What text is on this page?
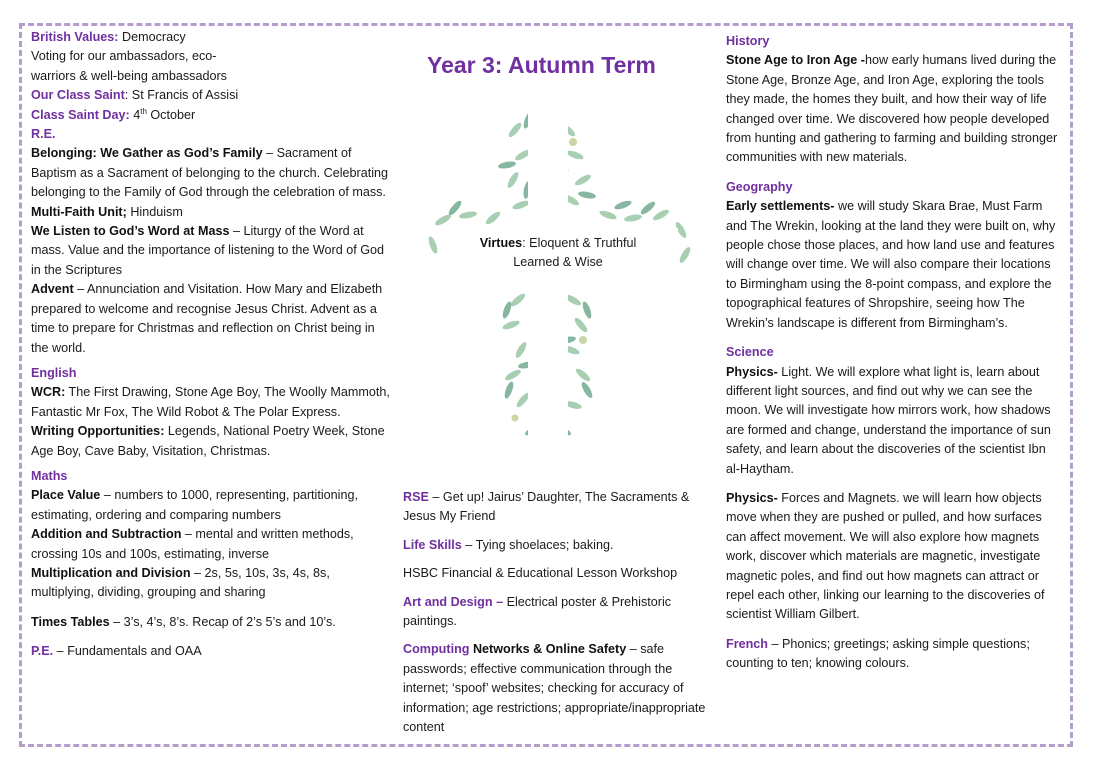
British Values: Democracy

Voting for our ambassadors, eco-warriors & well-being ambassadors

Our Class Saint: St Francis of Assisi

Class Saint Day: 4th October

R.E.

Belonging: We Gather as God’s Family – Sacrament of Baptism as a Sacrament of belonging to the church. Celebrating belonging to the Family of God through the celebration of mass.

Multi-Faith Unit; Hinduism

We Listen to God’s Word at Mass – Liturgy of the Word at mass. Value and the importance of listening to the Word of God in the Scriptures

Advent – Annunciation and Visitation. How Mary and Elizabeth prepared to welcome and recognise Jesus Christ. Advent as a time to prepare for Christmas and reflection on Christ being in the world.

English

WCR: The First Drawing, Stone Age Boy, The Woolly Mammoth, Fantastic Mr Fox, The Wild Robot & The Polar Express.

Writing Opportunities: Legends, National Poetry Week, Stone Age Boy, Cave Baby, Visitation, Christmas.

Maths

Place Value – numbers to 1000, representing, partitioning, estimating, ordering and comparing numbers

Addition and Subtraction – mental and written methods, crossing 10s and 100s, estimating, inverse

Multiplication and Division – 2s, 5s, 10s, 3s, 4s, 8s, multiplying, dividing, grouping and sharing

Times Tables – 3’s, 4’s, 8’s. Recap of 2’s 5’s and 10’s.

P.E. – Fundamentals and OAA

Year 3: Autumn Term
Virtues: Eloquent & Truthful
Learned & Wise

RSE – Get up! Jairus’ Daughter, The Sacraments & Jesus My Friend

Life Skills – Tying shoelaces; baking.

HSBC Financial & Educational Lesson Workshop

Art and Design – Electrical poster & Prehistoric paintings.

Computing Networks & Online Safety – safe passwords; effective communication through the internet; ‘spoof’ websites; checking for accuracy of information; age restrictions; appropriate/inappropriate content

History

Stone Age to Iron Age -how early humans lived during the Stone Age, Bronze Age, and Iron Age, exploring the tools they made, the homes they built, and how their way of life changed over time. We discovered how people developed from hunting and gathering to farming and building stronger communities with new materials.

Geography

Early settlements- we will study Skara Brae, Must Farm and The Wrekin, looking at the land they were built on, why people chose those places, and how land use and features will change over time. We will also compare their locations to Birmingham using the 8-point compass, and explore the topographical features of Shropshire, seeing how The Wrekin’s landscape is different from Birmingham’s.

Science

Physics- Light. We will explore what light is, learn about different light sources, and find out why we can see the moon. We will investigate how mirrors work, how shadows are formed and change, understand the importance of sun safety, and learn about the discoveries of the scientist Ibn al-Haytham.

Physics- Forces and Magnets. we will learn how objects move when they are pushed or pulled, and how surfaces can affect movement. We will also explore how magnets work, discover which materials are magnetic, investigate magnetic poles, and find out how magnets can attract or repel each other, linking our learning to the discoveries of scientist William Gilbert.

French – Phonics; greetings; asking simple questions; counting to ten; knowing colours.
